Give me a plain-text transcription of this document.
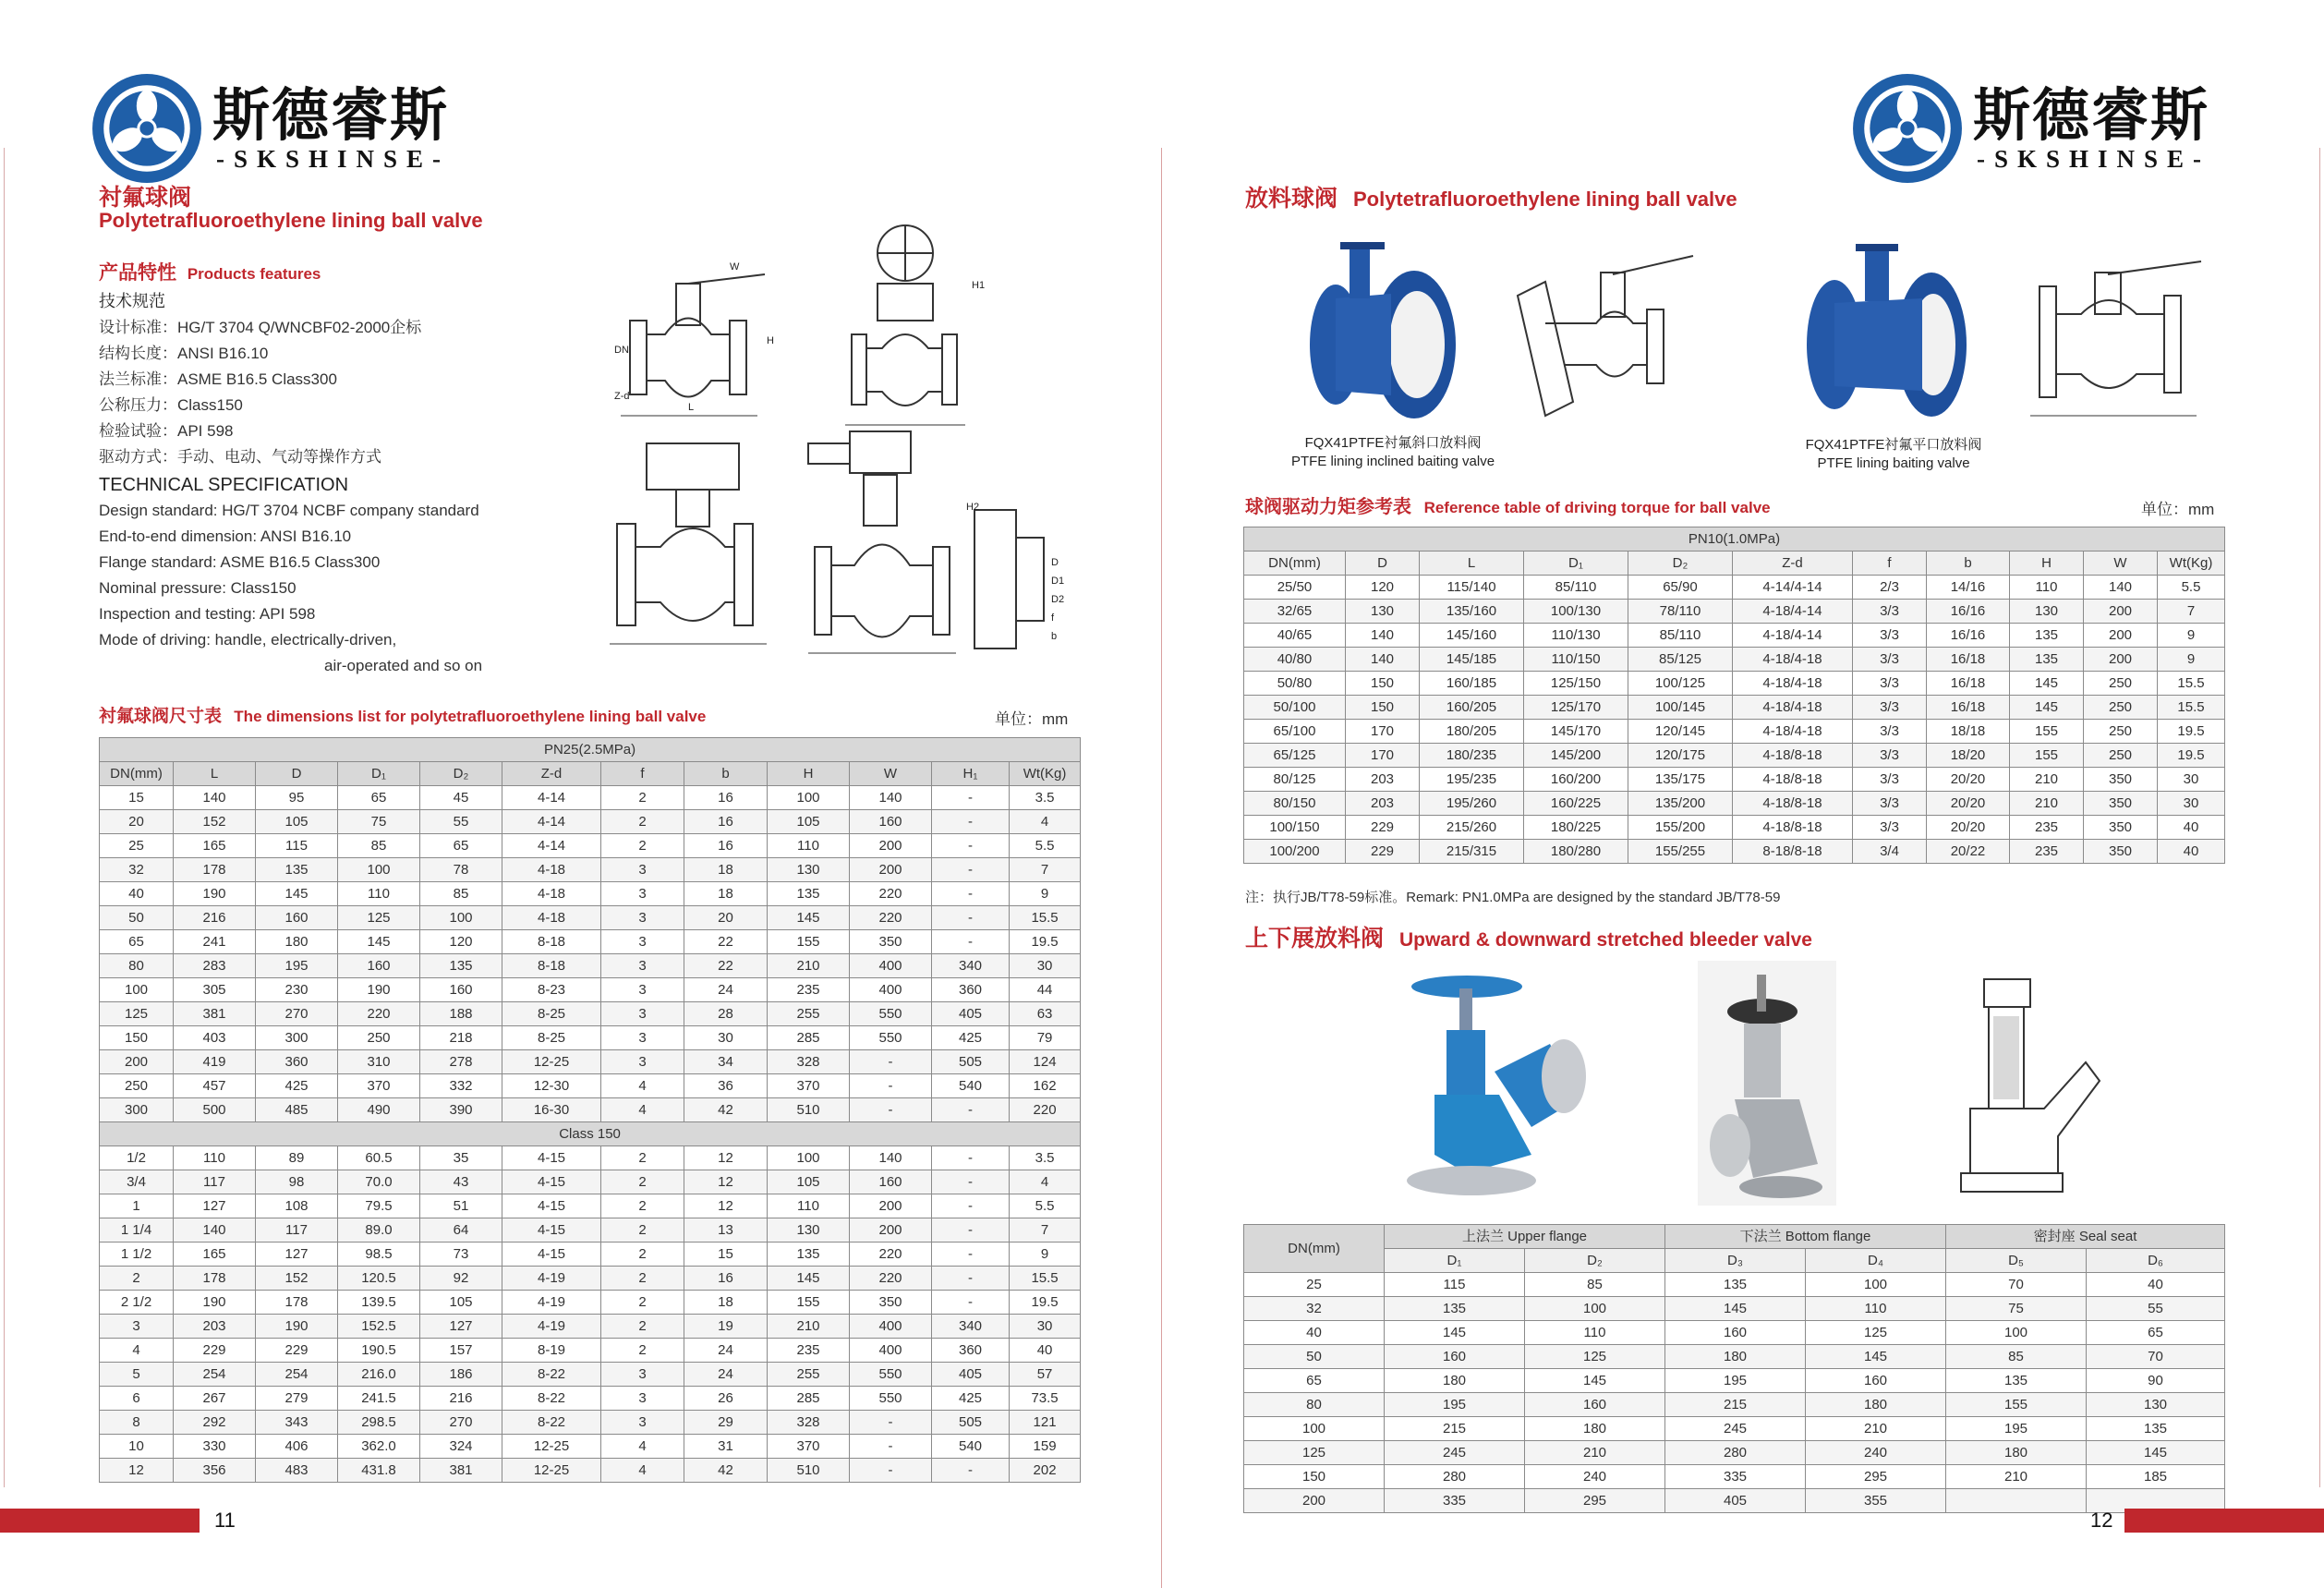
斯德睿斯
-SKSHINSE-
衬氟球阀
Polytetrafluoroethylene lining ball valve
产品特性 Products features
技术规范
设计标准：HG/T 3704 Q/WNCBF02-2000企标
结构长度：ANSI B16.10
法兰标准：ASME B16.5 Class300
公称压力：Class150
检验试验：API 598
驱动方式：手动、电动、气动等操作方式
TECHNICAL SPECIFICATION
Design standard: HG/T 3704 NCBF company standard
End-to-end dimension: ANSI B16.10
Flange standard: ASME B16.5 Class300
Nominal pressure: Class150
Inspection and testing: API 598
Mode of driving: handle, electrically-driven,
air-operated and so on
DN
Z-d
L
H
W
H1
H2
D
D1
D2
f
b
衬氟球阀尺寸表 The dimensions list for polytetrafluoroethylene lining ball valve	单位：mm
PN25(2.5MPa)											
DN(mm)	L	D	D₁	D₂	Z-d	f	b	H	W	H₁	Wt(Kg)
15	140	95	65	45	4-14	2	16	100	140	-	3.5
20	152	105	75	55	4-14	2	16	105	160	-	4
25	165	115	85	65	4-14	2	16	110	200	-	5.5
32	178	135	100	78	4-18	3	18	130	200	-	7
40	190	145	110	85	4-18	3	18	135	220	-	9
50	216	160	125	100	4-18	3	20	145	220	-	15.5
65	241	180	145	120	8-18	3	22	155	350	-	19.5
80	283	195	160	135	8-18	3	22	210	400	340	30
100	305	230	190	160	8-23	3	24	235	400	360	44
125	381	270	220	188	8-25	3	28	255	550	405	63
150	403	300	250	218	8-25	3	30	285	550	425	79
200	419	360	310	278	12-25	3	34	328	-	505	124
250	457	425	370	332	12-30	4	36	370	-	540	162
300	500	485	490	390	16-30	4	42	510	-	-	220
Class 150											
1/2	110	89	60.5	35	4-15	2	12	100	140	-	3.5
3/4	117	98	70.0	43	4-15	2	12	105	160	-	4
1	127	108	79.5	51	4-15	2	12	110	200	-	5.5
1 1/4	140	117	89.0	64	4-15	2	13	130	200	-	7
1 1/2	165	127	98.5	73	4-15	2	15	135	220	-	9
2	178	152	120.5	92	4-19	2	16	145	220	-	15.5
2 1/2	190	178	139.5	105	4-19	2	18	155	350	-	19.5
3	203	190	152.5	127	4-19	2	19	210	400	340	30
4	229	229	190.5	157	8-19	2	24	235	400	360	40
5	254	254	216.0	186	8-22	3	24	255	550	405	57
6	267	279	241.5	216	8-22	3	26	285	550	425	73.5
8	292	343	298.5	270	8-22	3	29	328	-	505	121
10	330	406	362.0	324	12-25	4	31	370	-	540	159
12	356	483	431.8	381	12-25	4	42	510	-	-	202
11
斯德睿斯
-SKSHINSE-
放料球阀 Polytetrafluoroethylene lining ball valve
FQX41PTFE衬氟斜口放料阀
PTFE lining inclined baiting valve
FQX41PTFE衬氟平口放料阀
PTFE lining baiting valve
球阀驱动力矩参考表 Reference table of driving torque for ball valve	单位：mm
PN10(1.0MPa)										
DN(mm)	D	L	D₁	D₂	Z-d	f	b	H	W	Wt(Kg)
25/50	120	115/140	85/110	65/90	4-14/4-14	2/3	14/16	110	140	5.5
32/65	130	135/160	100/130	78/110	4-18/4-14	3/3	16/16	130	200	7
40/65	140	145/160	110/130	85/110	4-18/4-14	3/3	16/16	135	200	9
40/80	140	145/185	110/150	85/125	4-18/4-18	3/3	16/18	135	200	9
50/80	150	160/185	125/150	100/125	4-18/4-18	3/3	16/18	145	250	15.5
50/100	150	160/205	125/170	100/145	4-18/4-18	3/3	16/18	145	250	15.5
65/100	170	180/205	145/170	120/145	4-18/4-18	3/3	18/18	155	250	19.5
65/125	170	180/235	145/200	120/175	4-18/8-18	3/3	18/20	155	250	19.5
80/125	203	195/235	160/200	135/175	4-18/8-18	3/3	20/20	210	350	30
80/150	203	195/260	160/225	135/200	4-18/8-18	3/3	20/20	210	350	30
100/150	229	215/260	180/225	155/200	4-18/8-18	3/3	20/20	235	350	40
100/200	229	215/315	180/280	155/255	8-18/8-18	3/4	20/22	235	350	40
注：执行JB/T78-59标准。Remark: PN1.0MPa are designed by the standard JB/T78-59
上下展放料阀 Upward & downward stretched bleeder valve
DN(mm)	上法兰 Upper flange		下法兰 Bottom flange		密封座 Seal seat	
	D₁	D₂	D₃	D₄	D₅	D₆
25	115	85	135	100	70	40
32	135	100	145	110	75	55
40	145	110	160	125	100	65
50	160	125	180	145	85	70
65	180	145	195	160	135	90
80	195	160	215	180	155	130
100	215	180	245	210	195	135
125	245	210	280	240	180	145
150	280	240	335	295	210	185
200	335	295	405	355		
12
